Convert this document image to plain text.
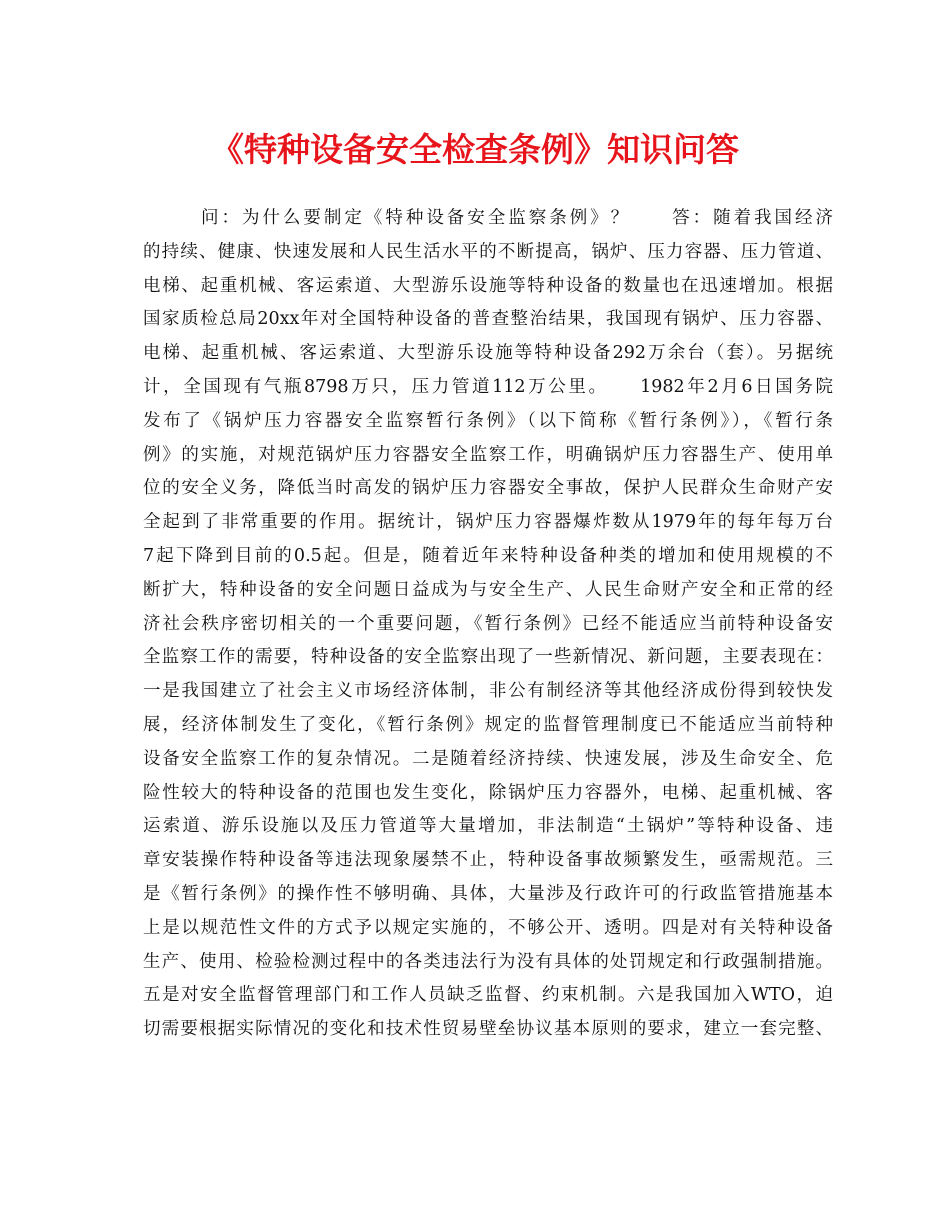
《特种设备安全检查条例》知识问答
问：为什么要制定《特种设备安全监察条例》？　　答：随着我国经济
的持续、健康、快速发展和人民生活水平的不断提高，锅炉、压力容器、压力管道、
电梯、起重机械、客运索道、大型游乐设施等特种设备的数量也在迅速增加。根据
国家质检总局20xx年对全国特种设备的普查整治结果，我国现有锅炉、压力容器、
电梯、起重机械、客运索道、大型游乐设施等特种设备292万余台（套）。另据统
计，全国现有气瓶8798万只，压力管道112万公里。　　1982年2月6日国务院
发布了《锅炉压力容器安全监察暂行条例》（以下简称《暂行条例》），《暂行条
例》的实施，对规范锅炉压力容器安全监察工作，明确锅炉压力容器生产、使用单
位的安全义务，降低当时高发的锅炉压力容器安全事故，保护人民群众生命财产安
全起到了非常重要的作用。据统计，锅炉压力容器爆炸数从1979年的每年每万台
7起下降到目前的0.5起。但是，随着近年来特种设备种类的增加和使用规模的不
断扩大，特种设备的安全问题日益成为与安全生产、人民生命财产安全和正常的经
济社会秩序密切相关的一个重要问题，《暂行条例》已经不能适应当前特种设备安
全监察工作的需要，特种设备的安全监察出现了一些新情况、新问题，主要表现在：
一是我国建立了社会主义市场经济体制，非公有制经济等其他经济成份得到较快发
展，经济体制发生了变化，《暂行条例》规定的监督管理制度已不能适应当前特种
设备安全监察工作的复杂情况。二是随着经济持续、快速发展，涉及生命安全、危
险性较大的特种设备的范围也发生变化，除锅炉压力容器外，电梯、起重机械、客
运索道、游乐设施以及压力管道等大量增加，非法制造“土锅炉”等特种设备、违
章安装操作特种设备等违法现象屡禁不止，特种设备事故频繁发生，亟需规范。三
是《暂行条例》的操作性不够明确、具体，大量涉及行政许可的行政监管措施基本
上是以规范性文件的方式予以规定实施的，不够公开、透明。四是对有关特种设备
生产、使用、检验检测过程中的各类违法行为没有具体的处罚规定和行政强制措施。
五是对安全监督管理部门和工作人员缺乏监督、约束机制。六是我国加入WTO，迫
切需要根据实际情况的变化和技术性贸易壁垒协议基本原则的要求，建立一套完整、
